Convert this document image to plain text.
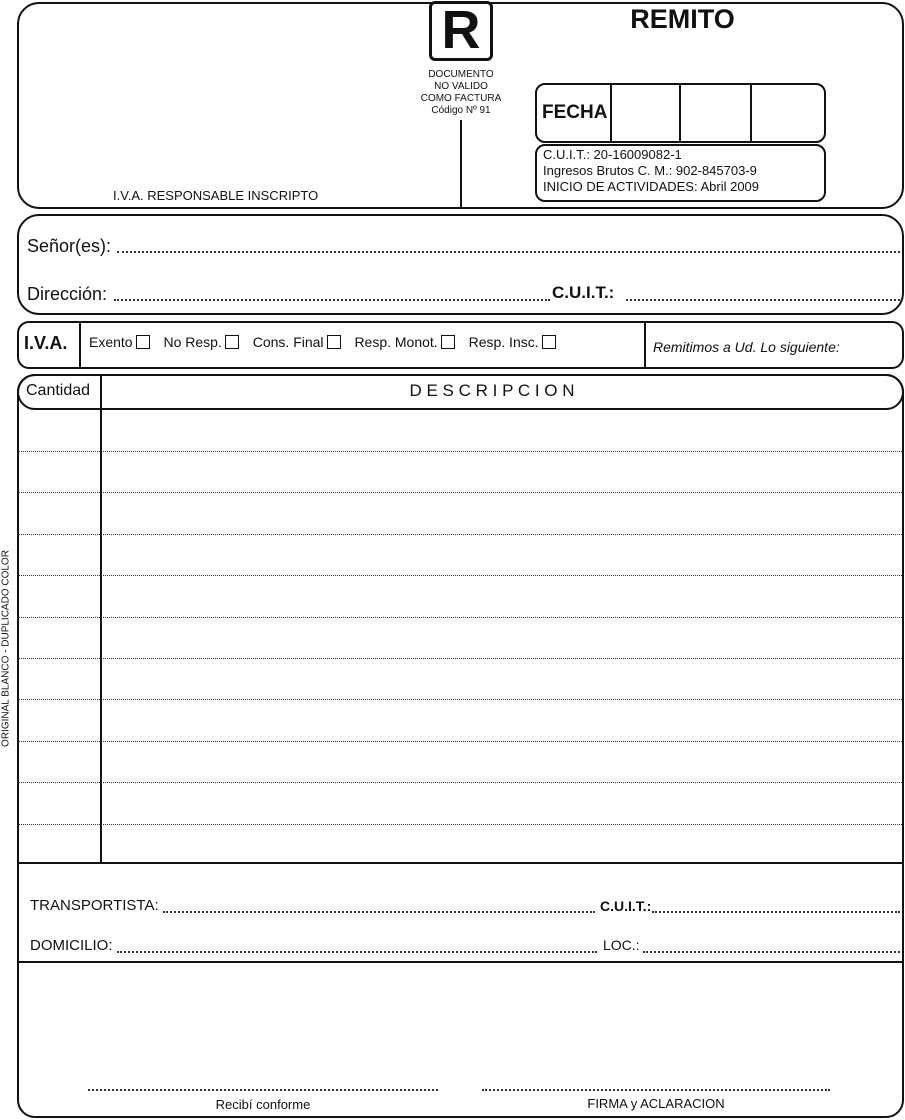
ORIGINAL BLANCO - DUPLICADO COLOR
R
DOCUMENTO
NO VALIDO
COMO FACTURA
Código Nº 91
REMITO
I.V.A. RESPONSABLE INSCRIPTO
FECHA
C.U.I.T.: 20-16009082-1
Ingresos Brutos C. M.: 902-845703-9
INICIO DE ACTIVIDADES: Abril 2009
Señor(es):
Dirección:	C.U.I.T.:
I.V.A. Exento No Resp. Cons. Final Resp. Monot. Resp. Insc.	Remitimos a Ud. Lo siguiente:
Cantidad	D E S C R I P C I O N
TRANSPORTISTA:	C.U.I.T.:
DOMICILIO:	LOC.:
Recibí conforme	FIRMA y ACLARACION
